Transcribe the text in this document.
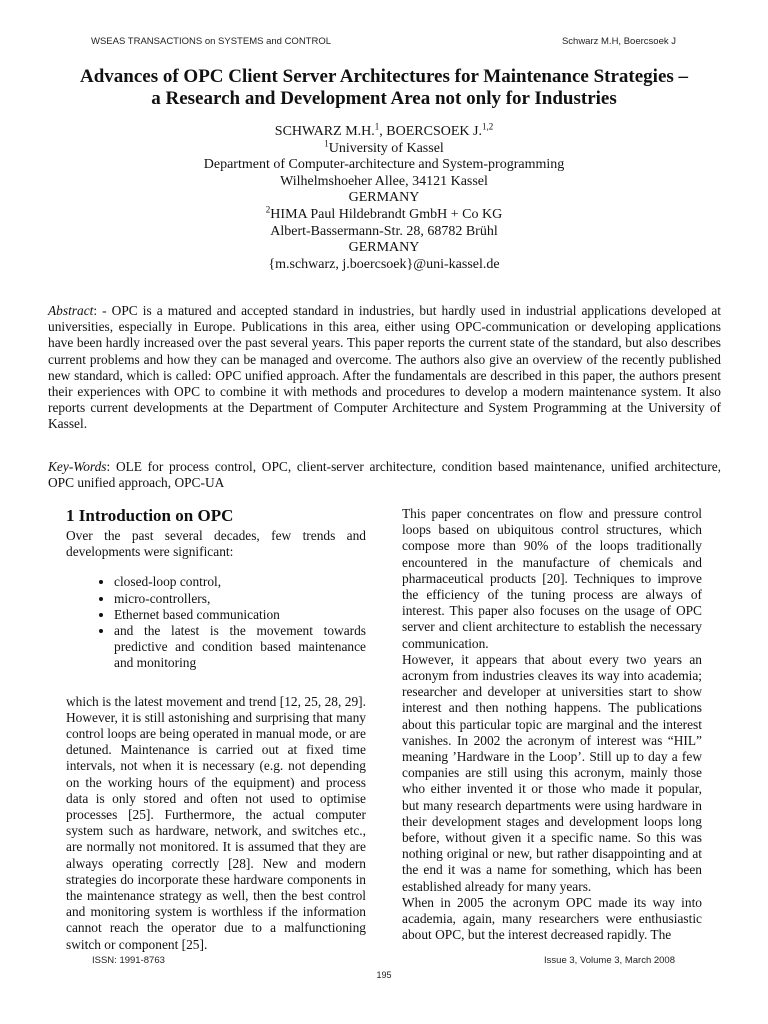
WSEAS TRANSACTIONS on SYSTEMS and CONTROL	Schwarz M.H, Boercsoek J
Advances of OPC Client Server Architectures for Maintenance Strategies –
a Research and Development Area not only for Industries
SCHWARZ M.H.$^1$, BOERCSOEK J.$^{1,2}$
$^1$University of Kassel
Department of Computer-architecture and System-programming
Wilhelmshoeher Allee, 34121 Kassel
GERMANY
$^2$HIMA Paul Hildebrandt GmbH + Co KG
Albert-Bassermann-Str. 28, 68782 Brühl
GERMANY
{m.schwarz, j.boercsoek}@uni-kassel.de
Abstract: - OPC is a matured and accepted standard in industries, but hardly used in industrial applications developed at universities, especially in Europe. Publications in this area, either using OPC-communication or developing applications have been hardly increased over the past several years. This paper reports the current state of the standard, but also describes current problems and how they can be managed and overcome. The authors also give an overview of the recently published new standard, which is called: OPC unified approach. After the fundamentals are described in this paper, the authors present their experiences with OPC to combine it with methods and procedures to develop a modern maintenance system. It also reports current developments at the Department of Computer Architecture and System Programming at the University of Kassel.
Key-Words: OLE for process control, OPC, client-server architecture, condition based maintenance, unified architecture, OPC unified approach, OPC-UA
1 Introduction on OPC

Over the past several decades, few trends and developments were significant:

• closed-loop control,
• micro-controllers,
• Ethernet based communication
• and the latest is the movement towards predictive and condition based maintenance and monitoring

which is the latest movement and trend [12, 25, 28, 29]. However, it is still astonishing and surprising that many control loops are being operated in manual mode, or are detuned. Maintenance is carried out at fixed time intervals, not when it is necessary (e.g. not depending on the working hours of the equipment) and process data is only stored and often not used to optimise processes [25]. Furthermore, the actual computer system such as hardware, network, and switches etc., are normally not monitored. It is assumed that they are always operating correctly [28]. New and modern strategies do incorporate these hardware components in the maintenance strategy as well, then the best control and monitoring system is worthless if the information cannot reach the operator due to a malfunctioning switch or component [25].

This paper concentrates on flow and pressure control loops based on ubiquitous control structures, which compose more than 90% of the loops traditionally encountered in the manufacture of chemicals and pharmaceutical products [20]. Techniques to improve the efficiency of the tuning process are always of interest. This paper also focuses on the usage of OPC server and client architecture to establish the necessary communication.

However, it appears that about every two years an acronym from industries cleaves its way into academia; researcher and developer at universities start to show interest and then nothing happens. The publications about this particular topic are marginal and the interest vanishes. In 2002 the acronym of interest was “HIL” meaning ’Hardware in the Loop’. Still up to day a few companies are still using this acronym, mainly those who either invented it or those who made it popular, but many research departments were using hardware in their development stages and development loops long before, without given it a specific name. So this was nothing original or new, but rather disappointing and at the end it was a name for something, which has been established already for many years.

When in 2005 the acronym OPC made its way into academia, again, many researchers were enthusiastic about OPC, but the interest decreased rapidly. The

ISSN: 1991-8763	Issue 3, Volume 3, March 2008
195
